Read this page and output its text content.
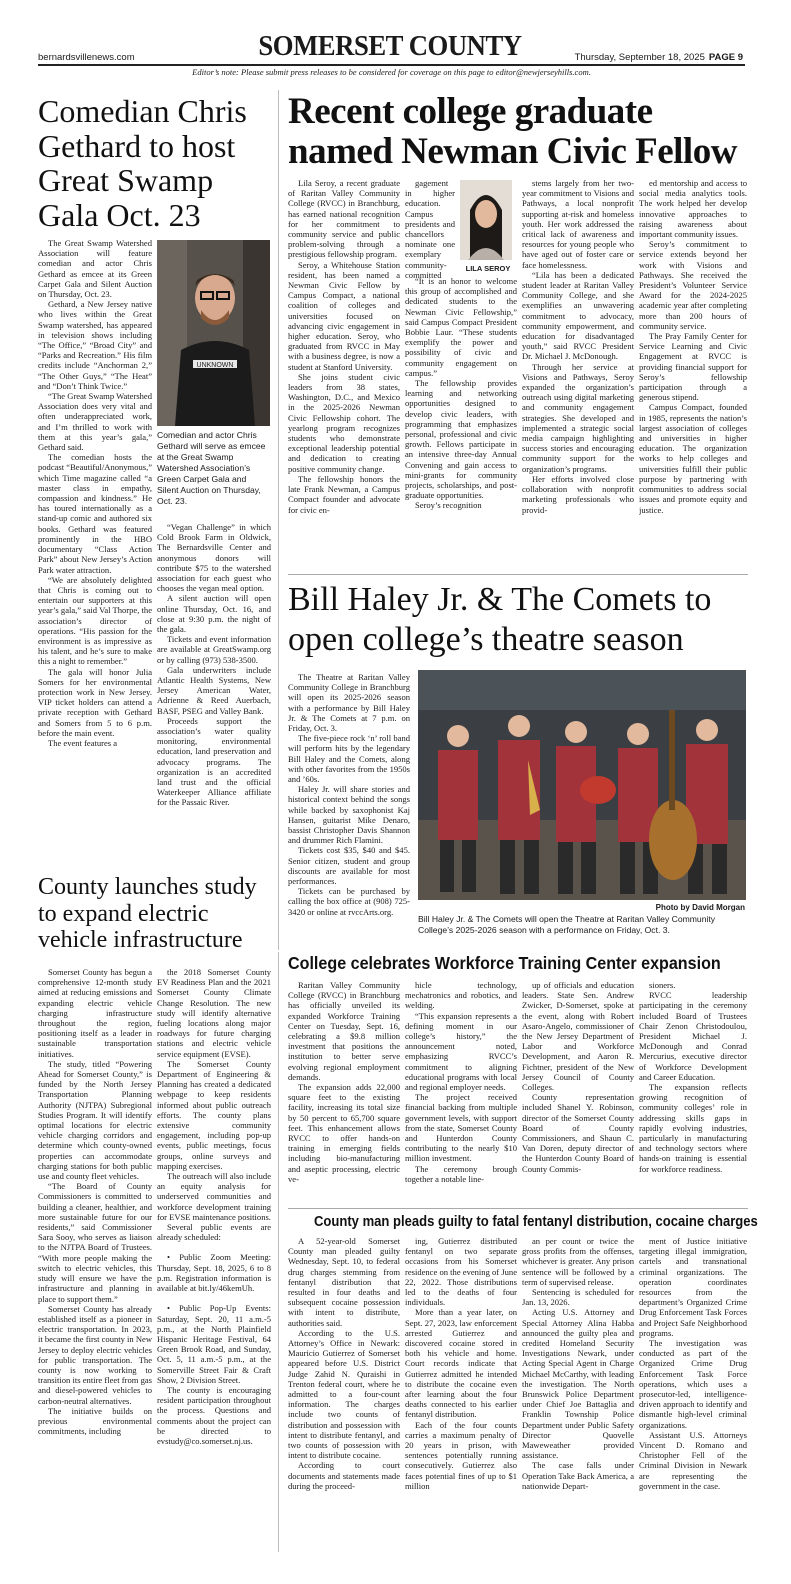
bernardsvillenews.com	SOMERSET COUNTY	Thursday, September 18, 2025 PAGE 9
Editor’s note: Please submit press releases to be considered for coverage on this page to editor@newjerseyhills.com.
Comedian Chris Gethard to host Great Swamp Gala Oct. 23

The Great Swamp Watershed Association will feature comedian and actor Chris Gethard as emcee at its Green Carpet Gala and Silent Auction on Thursday, Oct. 23.

Gethard, a New Jersey native who lives within the Great Swamp watershed, has appeared in television shows including “The Office,” “Broad City” and “Parks and Recreation.” His film credits include “Anchorman 2,” “The Other Guys,” “The Heat” and “Don’t Think Twice.”

“The Great Swamp Watershed Association does very vital and often underappreciated work, and I’m thrilled to work with them at this year’s gala,” Gethard said.

The comedian hosts the podcast “Beautiful/Anonymous,” which Time magazine called “a master class in empathy, compassion and kindness.” He has toured internationally as a stand-up comic and authored six books. Gethard was featured prominently in the HBO documentary “Class Action Park” about New Jersey’s Action Park water attraction.

“We are absolutely delighted that Chris is coming out to entertain our supporters at this year’s gala,” said Val Thorpe, the association’s director of operations. “His passion for the environment is as impressive as his talent, and he’s sure to make this a night to remember.”

The gala will honor Julia Somers for her environmental protection work in New Jersey. VIP ticket holders can attend a private reception with Gethard and Somers from 5 to 6 p.m. before the main event.

The event features a

UNKNOWN
Comedian and actor Chris Gethard will serve as emcee at the Great Swamp Watershed Association’s Green Carpet Gala and Silent Auction on Thursday, Oct. 23.

“Vegan Challenge” in which Cold Brook Farm in Oldwick, The Bernardsville Center and anonymous donors will contribute $75 to the watershed association for each guest who chooses the vegan meal option.

A silent auction will open online Thursday, Oct. 16, and close at 9:30 p.m. the night of the gala.

Tickets and event information are available at GreatSwamp.org or by calling (973) 538-3500.

Gala underwriters include Atlantic Health Systems, New Jersey American Water, Adrienne & Reed Auerbach, BASF, PSEG and Valley Bank.

Proceeds support the association’s water quality monitoring, environmental education, land preservation and advocacy programs. The organization is an accredited land trust and the official Waterkeeper Alliance affiliate for the Passaic River.

Recent college graduate named Newman Civic Fellow

Lila Seroy, a recent graduate of Raritan Valley Community College (RVCC) in Branchburg, has earned national recognition for her commitment to community service and public problem-solving through a prestigious fellowship program.

Seroy, a Whitehouse Station resident, has been named a Newman Civic Fellow by Campus Compact, a national coalition of colleges and universities focused on advancing civic engagement in higher education. Seroy, who graduated from RVCC in May with a business degree, is now a student at Stanford University.

She joins student civic leaders from 38 states, Washington, D.C., and Mexico in the 2025-2026 Newman Civic Fellowship cohort. The yearlong program recognizes students who demonstrate exceptional leadership potential and dedication to creating positive community change.

The fellowship honors the late Frank Newman, a Campus Compact founder and advocate for civic en-

gagement in higher education. Campus presidents and chancellors nominate one exemplary community-committed

LILA SEROY

“It is an honor to welcome this group of accomplished and dedicated students to the Newman Civic Fellowship,” said Campus Compact President Bobbie Laur. “These students exemplify the power and possibility of civic and community engagement on campus.”

The fellowship provides learning and networking opportunities designed to develop civic leaders, with programming that emphasizes personal, professional and civic growth. Fellows participate in an intensive three-day Annual Convening and gain access to mini-grants for community projects, scholarships, and post-graduate opportunities.

Seroy’s recognition

stems largely from her two-year commitment to Visions and Pathways, a local nonprofit supporting at-risk and homeless youth. Her work addressed the critical lack of awareness and resources for young people who have aged out of foster care or face homelessness.

“Lila has been a dedicated student leader at Raritan Valley Community College, and she exemplifies an unwavering commitment to advocacy, community empowerment, and education for disadvantaged youth,” said RVCC President Dr. Michael J. McDonough.

Through her service at Visions and Pathways, Seroy expanded the organization’s outreach using digital marketing and community engagement strategies. She developed and implemented a strategic social media campaign highlighting success stories and encouraging community support for the organization’s programs.

Her efforts involved close collaboration with nonprofit marketing professionals who provid-

ed mentorship and access to social media analytics tools. The work helped her develop innovative approaches to raising awareness about important community issues.

Seroy’s commitment to service extends beyond her work with Visions and Pathways. She received the President’s Volunteer Service Award for the 2024-2025 academic year after completing more than 200 hours of community service.

The Pray Family Center for Service Learning and Civic Engagement at RVCC is providing financial support for Seroy’s fellowship participation through a generous stipend.

Campus Compact, founded in 1985, represents the nation’s largest association of colleges and universities in higher education. The organization works to help colleges and universities fulfill their public purpose by partnering with communities to address social issues and promote equity and justice.

Bill Haley Jr. & The Comets to open college’s theatre season

The Theatre at Raritan Valley Community College in Branchburg will open its 2025-2026 season with a performance by Bill Haley Jr. & The Comets at 7 p.m. on Friday, Oct. 3.

The five-piece rock ‘n’ roll band will perform hits by the legendary Bill Haley and the Comets, along with other favorites from the 1950s and ’60s.

Haley Jr. will share stories and historical context behind the songs while backed by saxophonist Kaj Hansen, guitarist Mike Denaro, bassist Christopher Davis Shannon and drummer Rich Flamini.

Tickets cost $35, $40 and $45. Senior citizen, student and group discounts are available for most performances.

Tickets can be purchased by calling the box office at (908) 725-3420 or online at rvccArts.org.	Photo by David Morgan
Bill Haley Jr. & The Comets will open the Theatre at Raritan Valley Community College’s 2025-2026 season with a performance on Friday, Oct. 3.
County launches study to expand electric vehicle infrastructure

Somerset County has begun a comprehensive 12-month study aimed at reducing emissions and expanding electric vehicle charging infrastructure throughout the region, positioning itself as a leader in sustainable transportation initiatives.

The study, titled “Powering Ahead for Somerset County,” is funded by the North Jersey Transportation Planning Authority (NJTPA) Subregional Studies Program. It will identify optimal locations for electric vehicle charging corridors and determine which county-owned properties can accommodate charging stations for both public use and county fleet vehicles.

“The Board of County Commissioners is committed to building a cleaner, healthier, and more sustainable future for our residents,” said Commissioner Sara Sooy, who serves as liaison to the NJTPA Board of Trustees. “With more people making the switch to electric vehicles, this study will ensure we have the infrastructure and planning in place to support them.”

Somerset County has already established itself as a pioneer in electric transportation. In 2023, it became the first county in New Jersey to deploy electric vehicles for public transportation. The county is now working to transition its entire fleet from gas and diesel-powered vehicles to carbon-neutral alternatives.

The initiative builds on previous environmental commitments, including

the 2018 Somerset County EV Readiness Plan and the 2021 Somerset County Climate Change Resolution. The new study will identify alternative fueling locations along major roadways for future charging stations and electric vehicle service equipment (EVSE).

The Somerset County Department of Engineering & Planning has created a dedicated webpage to keep residents informed about public outreach efforts. The county plans extensive community engagement, including pop-up events, public meetings, focus groups, online surveys and mapping exercises.

The outreach will also include an equity analysis for underserved communities and workforce development training for EVSE maintenance positions.

Several public events are already scheduled:

• Public Zoom Meeting: Thursday, Sept. 18, 2025, 6 to 8 p.m. Registration information is available at bit.ly/46kemUh.

• Public Pop-Up Events: Saturday, Sept. 20, 11 a.m.-5 p.m., at the North Plainfield Hispanic Heritage Festival, 64 Green Brook Road, and Sunday, Oct. 5, 11 a.m.-5 p.m., at the Somerville Street Fair & Craft Show, 2 Division Street.

The county is encouraging resident participation throughout the process. Questions and comments about the project can be directed to evstudy@co.somerset.nj.us.

College celebrates Workforce Training Center expansion

Raritan Valley Community College (RVCC) in Branchburg has officially unveiled its expanded Workforce Training Center on Tuesday, Sept. 16, celebrating a $9.8 million investment that positions the institution to better serve evolving regional employment demands.

The expansion adds 22,000 square feet to the existing facility, increasing its total size by 50 percent to 65,700 square feet. This enhancement allows RVCC to offer hands-on training in emerging fields including bio-manufacturing and aseptic processing, electric ve-

hicle technology, mechatronics and robotics, and welding.

“This expansion represents a defining moment in our college’s history,” the announcement noted, emphasizing RVCC’s commitment to aligning educational programs with local and regional employer needs.

The project received financial backing from multiple government levels, with support from the state, Somerset County and Hunterdon County contributing to the nearly $10 million investment.

The ceremony brough together a notable line-

up of officials and education leaders. State Sen. Andrew Zwicker, D-Somerset, spoke at the event, along with Robert Asaro-Angelo, commissioner of the New Jersey Department of Labor and Workforce Development, and Aaron R. Fichtner, president of the New Jersey Council of County Colleges.

County representation included Shanel Y. Robinson, director of the Somerset County Board of County Commissioners, and Shaun C. Van Doren, deputy director of the Hunterdon County Board of County Commis-

sioners.

RVCC leadership participating in the ceremony included Board of Trustees Chair Zenon Christodoulou, President Michael J. McDonough and Conrad Mercurius, executive director of Workforce Development and Career Education.

The expansion reflects growing recognition of community colleges’ role in addressing skills gaps in rapidly evolving industries, particularly in manufacturing and technology sectors where hands-on training is essential for workforce readiness.

County man pleads guilty to fatal fentanyl distribution, cocaine charges

A 52-year-old Somerset County man pleaded guilty Wednesday, Sept. 10, to federal drug charges stemming from fentanyl distribution that resulted in four deaths and subsequent cocaine possession with intent to distribute, authorities said.

According to the U.S. Attorney’s Office in Newark: Mauricio Gutierrez of Somerset appeared before U.S. District Judge Zahid N. Quraishi in Trenton federal court, where he admitted to a four-count information. The charges include two counts of distribution and possession with intent to distribute fentanyl, and two counts of possession with intent to distribute cocaine.

According to court documents and statements made during the proceed-

ing, Gutierrez distributed fentanyl on two separate occasions from his Somerset residence on the evening of June 22, 2022. Those distributions led to the deaths of four individuals.

More than a year later, on Sept. 27, 2023, law enforcement arrested Gutierrez and discovered cocaine stored in both his vehicle and home. Court records indicate that Gutierrez admitted he intended to distribute the cocaine even after learning about the four deaths connected to his earlier fentanyl distribution.

Each of the four counts carries a maximum penalty of 20 years in prison, with sentences potentially running consecutively. Gutierrez also faces potential fines of up to $1 million

an per count or twice the gross profits from the offenses, whichever is greater. Any prison sentence will be followed by a term of supervised release.

Sentencing is scheduled for Jan. 13, 2026.

Acting U.S. Attorney and Special Attorney Alina Habba announced the guilty plea and credited Homeland Security Investigations Newark, under Acting Special Agent in Charge Michael McCarthy, with leading the investigation. The North Brunswick Police Department under Chief Joe Battaglia and Franklin Township Police Department under Public Safety Director Quovelle Maweweather provided assistance.

The case falls under Operation Take Back America, a nationwide Depart-

ment of Justice initiative targeting illegal immigration, cartels and transnational criminal organizations. The operation coordinates resources from the department’s Organized Crime Drug Enforcement Task Forces and Project Safe Neighborhood programs.

The investigation was conducted as part of the Organized Crime Drug Enforcement Task Force operations, which uses a prosecutor-led, intelligence-driven approach to identify and dismantle high-level criminal organizations.

Assistant U.S. Attorneys Vincent D. Romano and Christopher Fell of the Criminal Division in Newark are representing the government in the case.
